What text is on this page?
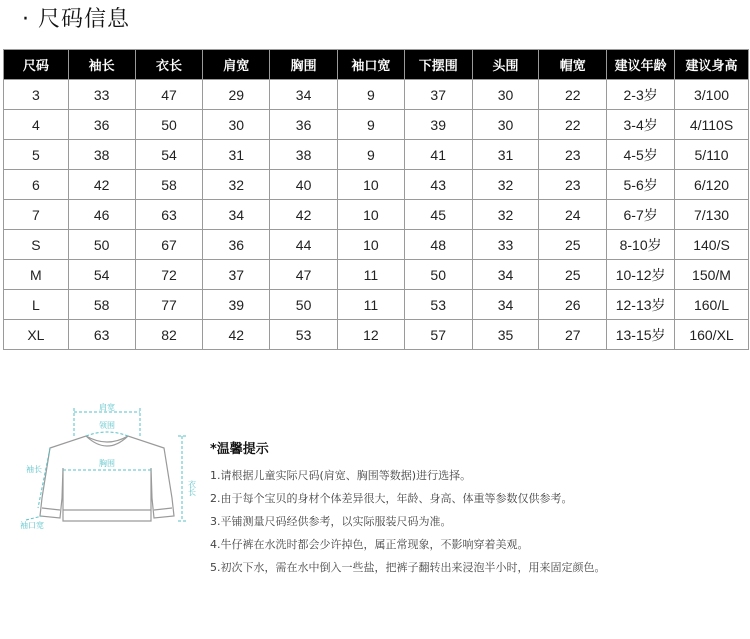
· 尺码信息
尺码	袖长	衣长	肩宽	胸围	袖口宽	下摆围	头围	帽宽	建议年龄	建议身高
3	33	47	29	34	9	37	30	22	2-3岁	3/100
4	36	50	30	36	9	39	30	22	3-4岁	4/110S
5	38	54	31	38	9	41	31	23	4-5岁	5/110
6	42	58	32	40	10	43	32	23	5-6岁	6/120
7	46	63	34	42	10	45	32	24	6-7岁	7/130
S	50	67	36	44	10	48	33	25	8-10岁	140/S
M	54	72	37	47	11	50	34	25	10-12岁	150/M
L	58	77	39	50	11	53	34	26	12-13岁	160/L
XL	63	82	42	53	12	57	35	27	13-15岁	160/XL
肩宽
领围
胸围
袖长
袖口宽
衣长
*温馨提示
1.请根据儿童实际尺码(肩宽、胸围等数据)进行选择。
2.由于每个宝贝的身材个体差异很大，年龄、身高、体重等参数仅供参考。
3.平铺测量尺码经供参考，以实际服装尺码为准。
4.牛仔裤在水洗时都会少许掉色，属正常现象，不影响穿着美观。
5.初次下水，需在水中倒入一些盐，把裤子翻转出来浸泡半小时，用来固定颜色。
